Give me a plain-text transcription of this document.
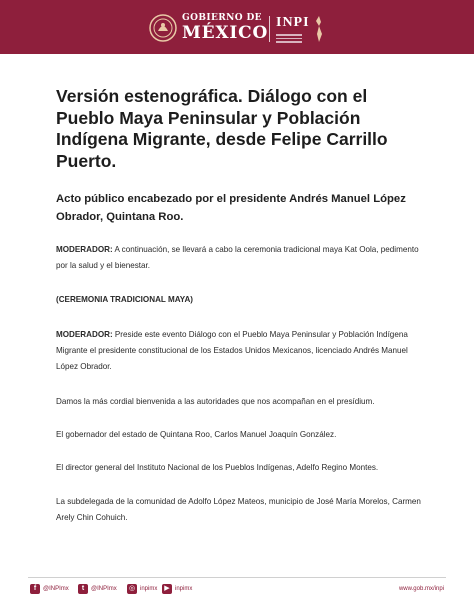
GOBIERNO DE
MÉXICO
INPI
Versión estenográfica. Diálogo con el Pueblo Maya Peninsular y Población Indígena Migrante, desde Felipe Carrillo Puerto.
Acto público encabezado por el presidente Andrés Manuel López Obrador, Quintana Roo.
MODERADOR: A continuación, se llevará a cabo la ceremonia tradicional maya Kat Oola, pedimento por la salud y el bienestar.
(CEREMONIA TRADICIONAL MAYA)
MODERADOR: Preside este evento Diálogo con el Pueblo Maya Peninsular y Población Indígena Migrante el presidente constitucional de los Estados Unidos Mexicanos, licenciado Andrés Manuel López Obrador.
Damos la más cordial bienvenida a las autoridades que nos acompañan en el presídium.
El gobernador del estado de Quintana Roo, Carlos Manuel Joaquín González.
El director general del Instituto Nacional de los Pueblos Indígenas, Adelfo Regino Montes.
La subdelegada de la comunidad de Adolfo López Mateos, municipio de José María Morelos, Carmen Arely Chin Cohuich.
f	@INPImx	t	@INPImx ◎ inpimx ▶ inpimx	www.gob.mx/inpi
